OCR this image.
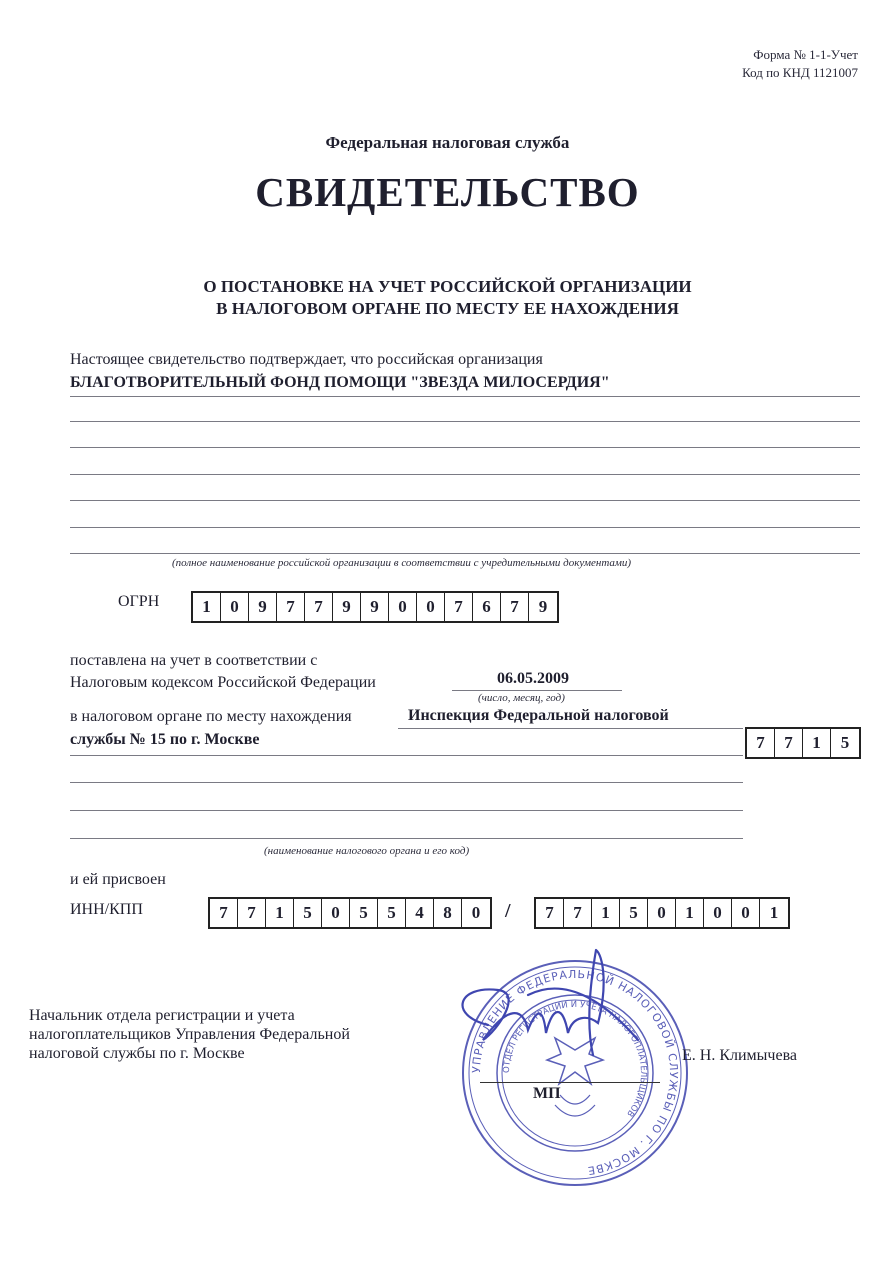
Форма № 1-1-Учет
Код по КНД 1121007
Федеральная налоговая служба
СВИДЕТЕЛЬСТВО
О ПОСТАНОВКЕ НА УЧЕТ РОССИЙСКОЙ ОРГАНИЗАЦИИ
В НАЛОГОВОМ ОРГАНЕ ПО МЕСТУ ЕЕ НАХОЖДЕНИЯ
Настоящее свидетельство подтверждает, что российская организация
БЛАГОТВОРИТЕЛЬНЫЙ ФОНД ПОМОЩИ "ЗВЕЗДА МИЛОСЕРДИЯ"
(полное наименование российской организации в соответствии с учредительными документами)
ОГРН	1	0	9	7	7	9	9	0	0	7	6	7	9
поставлена на учет в соответствии с
Налоговым кодексом Российской Федерации	06.05.2009
(число, месяц, год)
в налоговом органе по месту нахождения	Инспекция Федеральной налоговой
службы № 15 по г. Москве	7	7	1	5
(наименование налогового органа и его код)
и ей присвоен
ИНН/КПП	7	7	1	5	0	5	5	4	8	0	/	7	7	1	5	0	1	0	0	1
УПРАВЛЕНИЕ ФЕДЕРАЛЬНОЙ НАЛОГОВОЙ СЛУЖБЫ ПО Г. МОСКВЕ
ОТДЕЛ РЕГИСТРАЦИИ И УЧЕТА НАЛОГОПЛАТЕЛЬЩИКОВ
Начальник отдела регистрации и учета
налогоплательщиков Управления Федеральной
налоговой службы по г. Москве
МП
Е. Н. Климычева
